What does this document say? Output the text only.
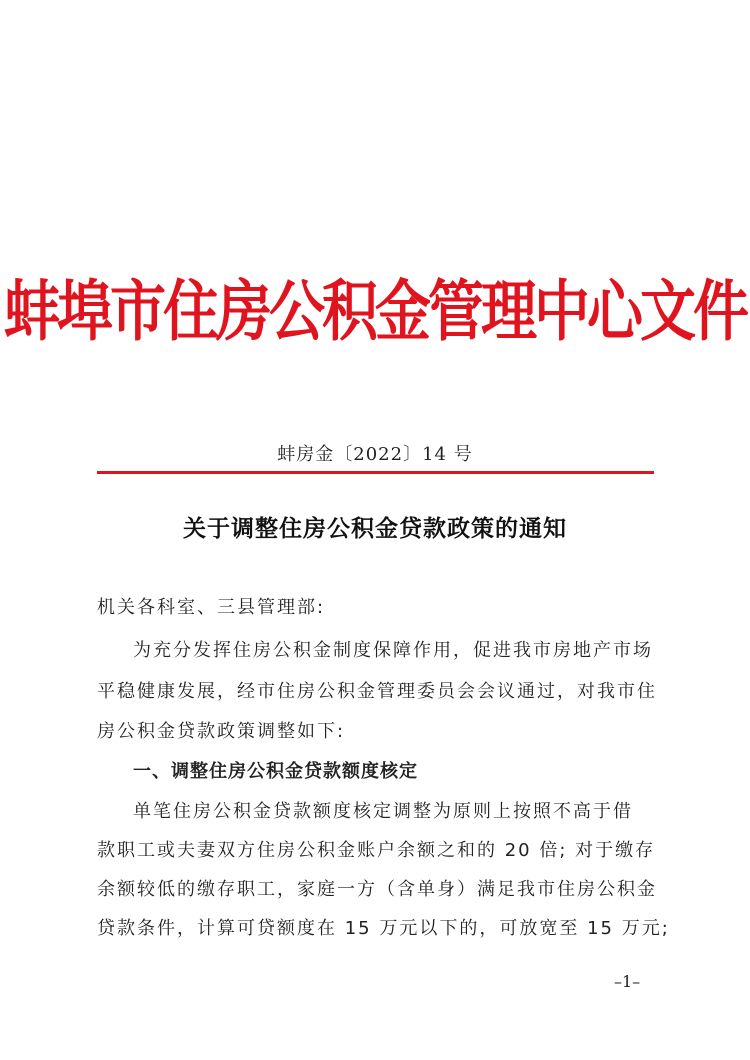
蚌埠市住房公积金管理中心文件
蚌房金〔2022〕14 号
关于调整住房公积金贷款政策的通知
机关各科室、三县管理部:
为充分发挥住房公积金制度保障作用，促进我市房地产市场
平稳健康发展，经市住房公积金管理委员会会议通过，对我市住
房公积金贷款政策调整如下:
一、调整住房公积金贷款额度核定
单笔住房公积金贷款额度核定调整为原则上按照不高于借
款职工或夫妻双方住房公积金账户余额之和的 20 倍; 对于缴存
余额较低的缴存职工，家庭一方（含单身）满足我市住房公积金
贷款条件，计算可贷额度在 15 万元以下的，可放宽至 15 万元;
–1–
